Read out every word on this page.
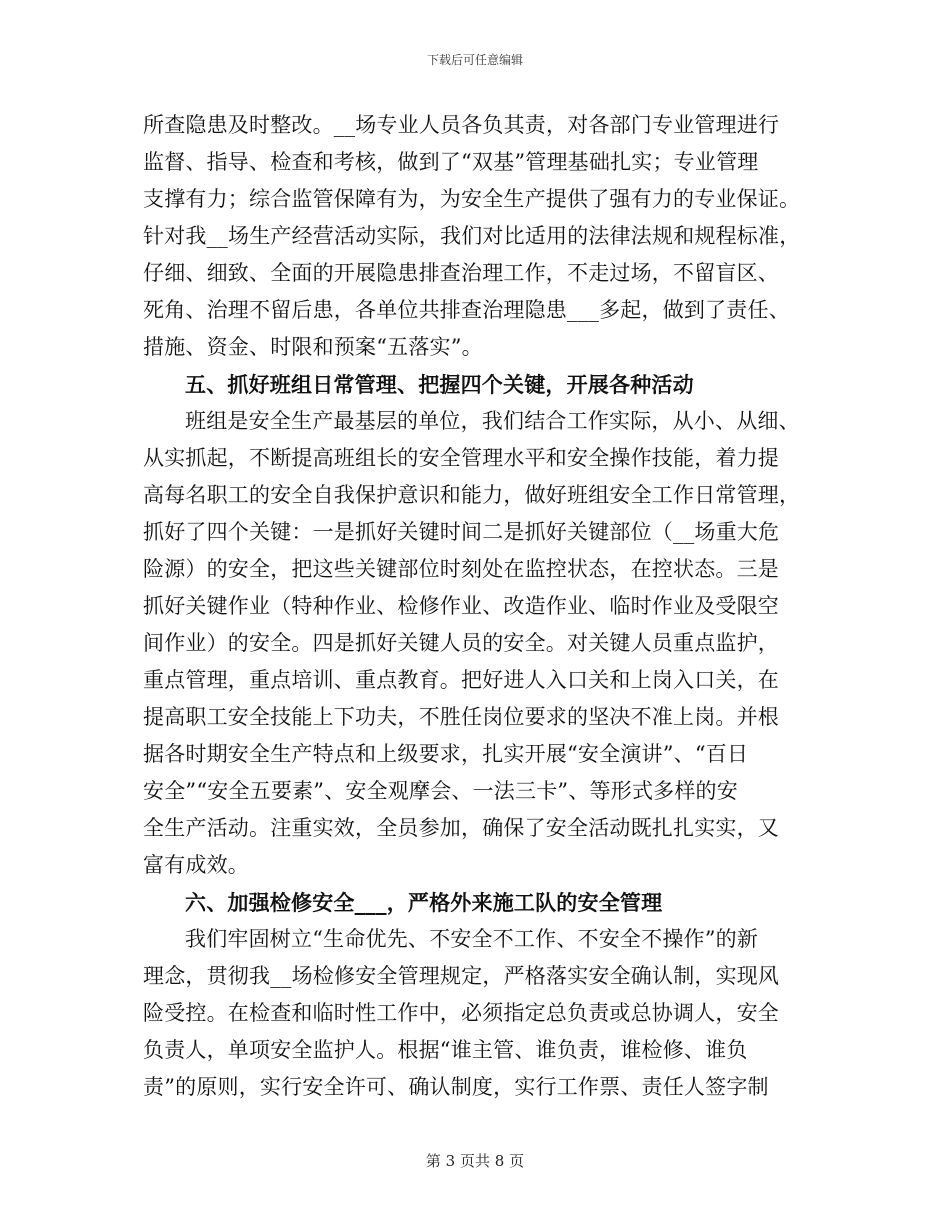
下载后可任意编辑
所查隐患及时整改。__场专业人员各负其责，对各部门专业管理进行
监督、指导、检查和考核，做到了“双基”管理基础扎实；专业管理
支撑有力；综合监管保障有为，为安全生产提供了强有力的专业保证。
针对我__场生产经营活动实际，我们对比适用的法律法规和规程标准，
仔细、细致、全面的开展隐患排查治理工作，不走过场，不留盲区、
死角、治理不留后患，各单位共排查治理隐患___多起，做到了责任、
措施、资金、时限和预案“五落实”。
五、抓好班组日常管理、把握四个关键，开展各种活动
班组是安全生产最基层的单位，我们结合工作实际，从小、从细、
从实抓起，不断提高班组长的安全管理水平和安全操作技能，着力提
高每名职工的安全自我保护意识和能力，做好班组安全工作日常管理，
抓好了四个关键：一是抓好关键时间二是抓好关键部位（__场重大危
险源）的安全，把这些关键部位时刻处在监控状态，在控状态。三是
抓好关键作业（特种作业、检修作业、改造作业、临时作业及受限空
间作业）的安全。四是抓好关键人员的安全。对关键人员重点监护，
重点管理，重点培训、重点教育。把好进人入口关和上岗入口关，在
提高职工安全技能上下功夫，不胜任岗位要求的坚决不准上岗。并根
据各时期安全生产特点和上级要求，扎实开展“安全演讲”、“百日
安全”“安全五要素”、安全观摩会、一法三卡”、等形式多样的安
全生产活动。注重实效，全员参加，确保了安全活动既扎扎实实，又
富有成效。
六、加强检修安全___，严格外来施工队的安全管理
我们牢固树立“生命优先、不安全不工作、不安全不操作”的新
理念，贯彻我__场检修安全管理规定，严格落实安全确认制，实现风
险受控。在检查和临时性工作中，必须指定总负责或总协调人，安全
负责人，单项安全监护人。根据“谁主管、谁负责，谁检修、谁负
责”的原则，实行安全许可、确认制度，实行工作票、责任人签字制
第 3 页共 8 页
